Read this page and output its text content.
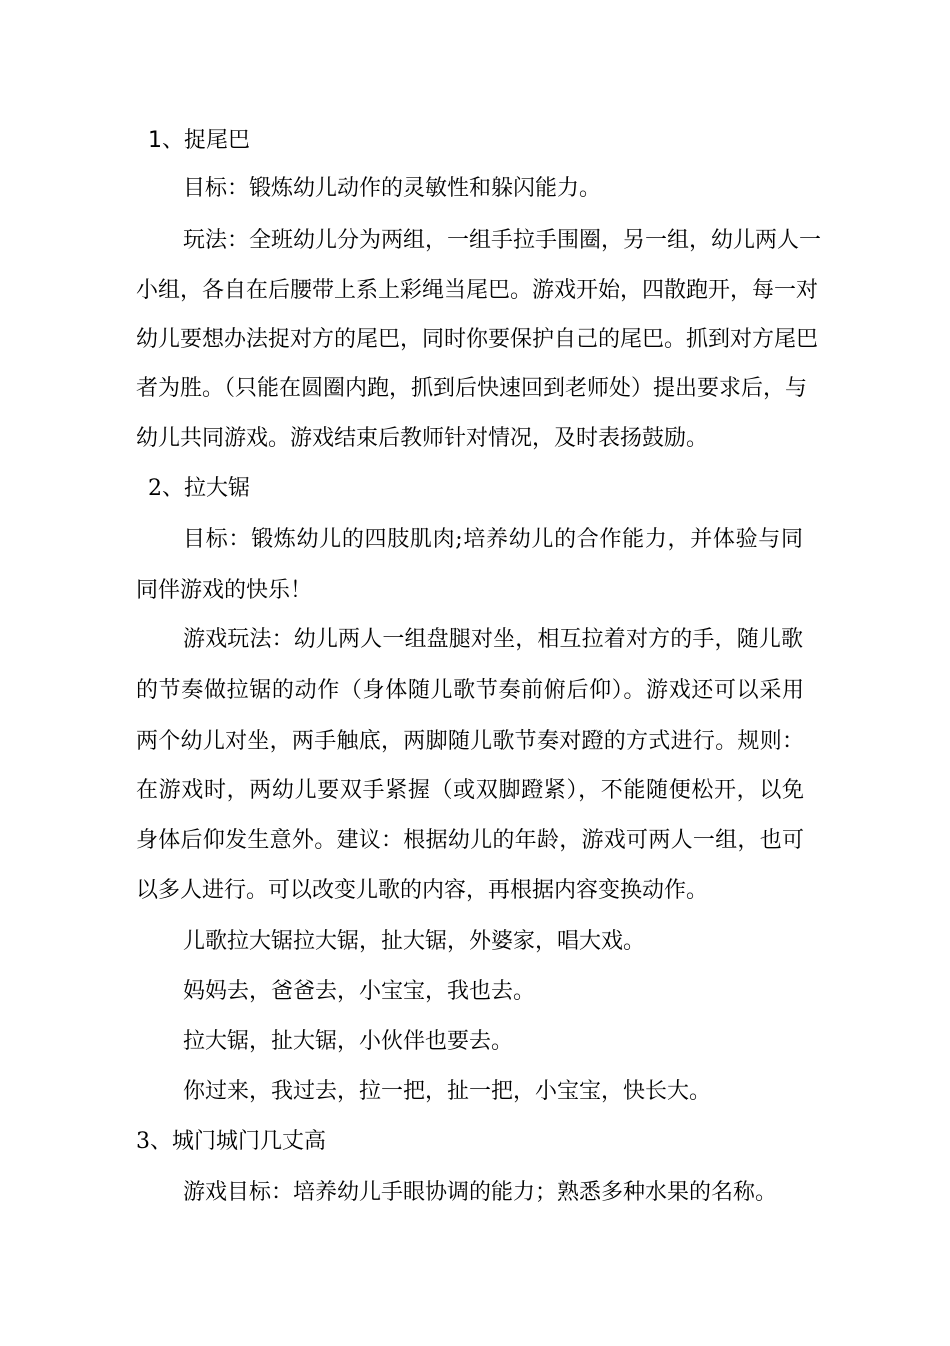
1、捉尾巴
目标：锻炼幼儿动作的灵敏性和躲闪能力。
玩法：全班幼儿分为两组，一组手拉手围圈，另一组，幼儿两人一
小组，各自在后腰带上系上彩绳当尾巴。游戏开始，四散跑开，每一对
幼儿要想办法捉对方的尾巴，同时你要保护自己的尾巴。抓到对方尾巴
者为胜。（只能在圆圈内跑，抓到后快速回到老师处）提出要求后，与
幼儿共同游戏。游戏结束后教师针对情况，及时表扬鼓励。
2、拉大锯
目标：锻炼幼儿的四肢肌肉;培养幼儿的合作能力，并体验与同
同伴游戏的快乐！
游戏玩法：幼儿两人一组盘腿对坐，相互拉着对方的手，随儿歌
的节奏做拉锯的动作（身体随儿歌节奏前俯后仰）。游戏还可以采用
两个幼儿对坐，两手触底，两脚随儿歌节奏对蹬的方式进行。规则：
在游戏时，两幼儿要双手紧握（或双脚蹬紧），不能随便松开，以免
身体后仰发生意外。建议：根据幼儿的年龄，游戏可两人一组，也可
以多人进行。可以改变儿歌的内容，再根据内容变换动作。
儿歌拉大锯拉大锯，扯大锯，外婆家，唱大戏。
妈妈去，爸爸去，小宝宝，我也去。
拉大锯，扯大锯，小伙伴也要去。
你过来，我过去，拉一把，扯一把，小宝宝，快长大。
3、城门城门几丈高
游戏目标：培养幼儿手眼协调的能力；熟悉多种水果的名称。
